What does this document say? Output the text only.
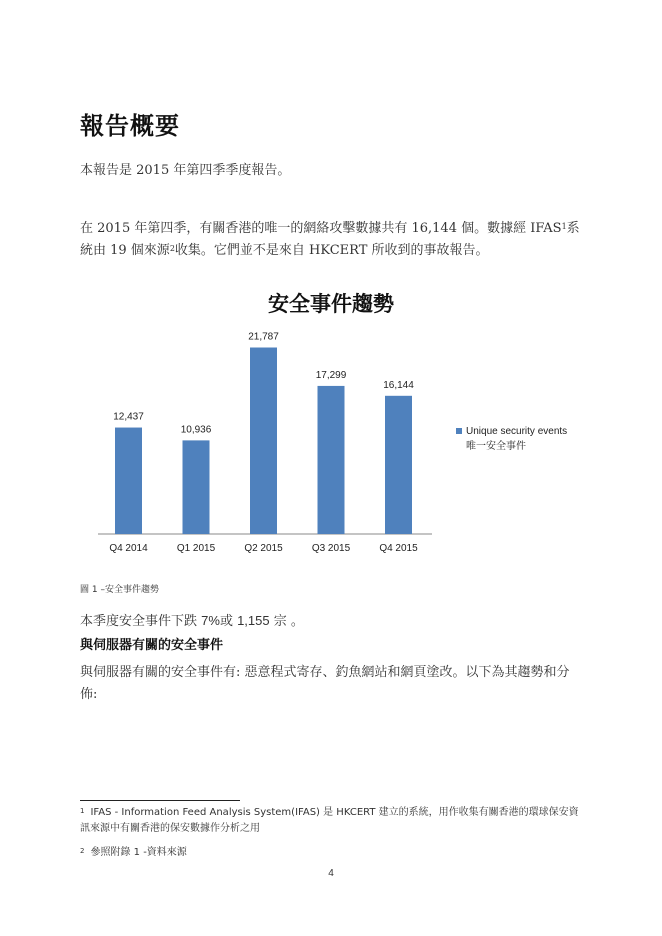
報告概要
本報告是 2015 年第四季季度報告。
在 2015 年第四季，有關香港的唯一的網絡攻擊數據共有 16,144 個。數據經 IFAS$^1$系統由 19 個來源$^2$收集。它們並不是來自 HKCERT 所收到的事故報告。
安全事件趨勢
12,437
10,936
21,787
17,299
16,144
Q4 2014	Q1 2015	Q2 2015	Q3 2015	Q4 2015
Unique security events
唯一安全事件
圖 1 –安全事件趨勢
本季度安全事件下跌 7%或 1,155 宗 。
與伺服器有關的安全事件
與伺服器有關的安全事件有: 惡意程式寄存、釣魚網站和網頁塗改。以下為其趨勢和分佈:
$^1$ IFAS - Information Feed Analysis System(IFAS) 是 HKCERT 建立的系統，用作收集有關香港的環球保安資訊來源中有關香港的保安數據作分析之用
$^2$ 參照附錄 1 -資料來源
4
